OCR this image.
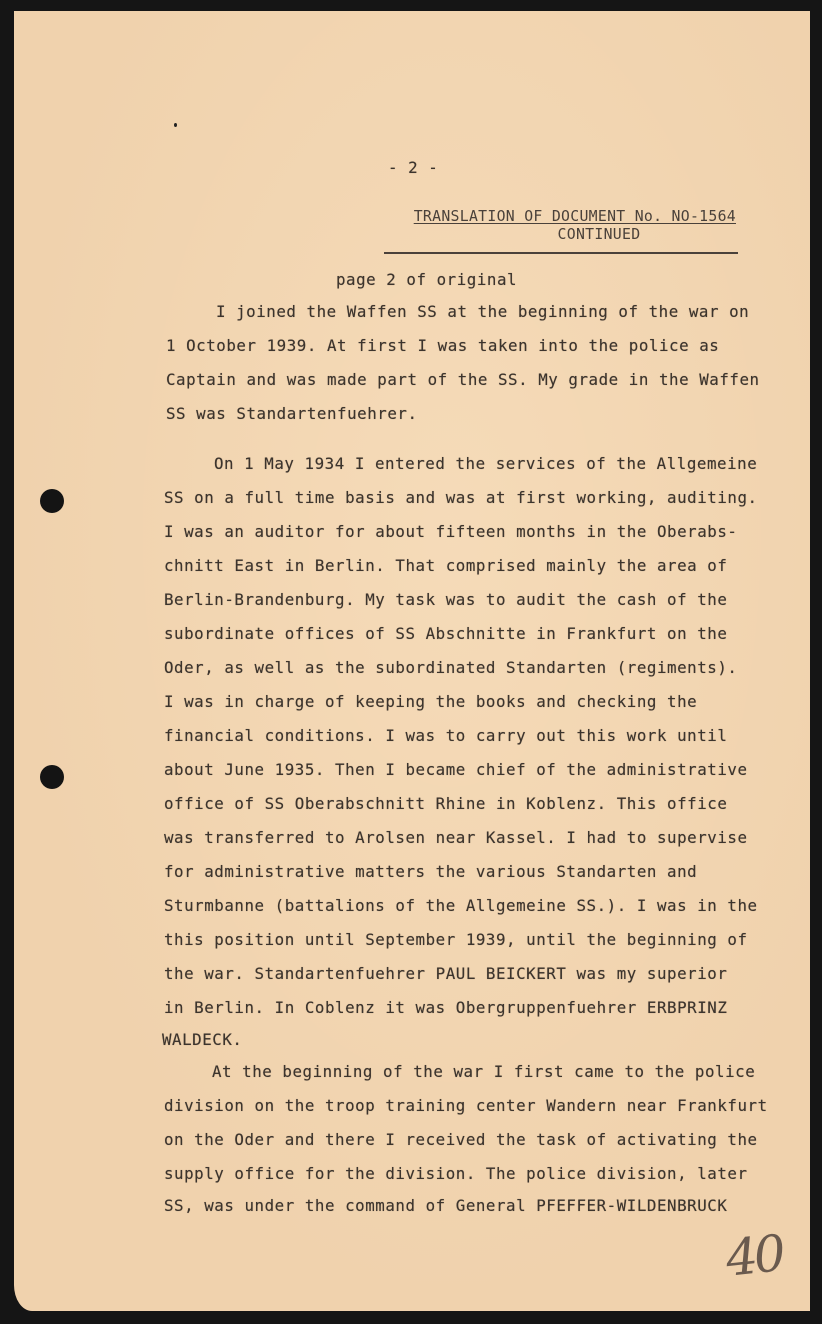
- 2 -
TRANSLATION OF DOCUMENT No. NO-1564
CONTINUED
page 2 of original
I joined the Waffen SS at the beginning of the war on
1 October 1939. At first I was taken into the police as
Captain and was made part of the SS. My grade in the Waffen
SS was Standartenfuehrer.
On 1 May 1934 I entered the services of the Allgemeine
SS on a full time basis and was at first working, auditing.
I was an auditor for about fifteen months in the Oberabs-
chnitt East in Berlin. That comprised mainly the area of
Berlin-Brandenburg. My task was to audit the cash of the
subordinate offices of SS Abschnitte in Frankfurt on the
Oder, as well as the subordinated Standarten (regiments).
I was in charge of keeping the books and checking the
financial conditions. I was to carry out this work until
about June 1935. Then I became chief of the administrative
office of SS Oberabschnitt Rhine in Koblenz. This office
was transferred to Arolsen near Kassel. I had to supervise
for administrative matters the various Standarten and
Sturmbanne (battalions of the Allgemeine SS.). I was in the
this position until September 1939, until the beginning of
the war. Standartenfuehrer PAUL BEICKERT was my superior
in Berlin. In Coblenz it was Obergruppenfuehrer ERBPRINZ
WALDECK.
At the beginning of the war I first came to the police
division on the troop training center Wandern near Frankfurt
on the Oder and there I received the task of activating the
supply office for the division. The police division, later
SS, was under the command of General PFEFFER-WILDENBRUCK
40
